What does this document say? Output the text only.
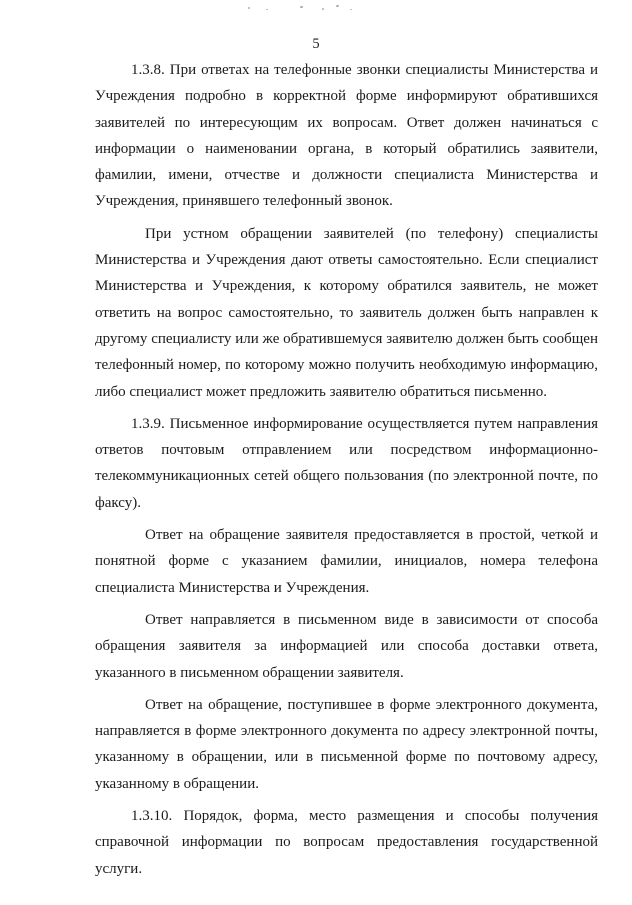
5

1.3.8. При ответах на телефонные звонки специалисты Министерства и Учреждения подробно в корректной форме информируют обратившихся заявителей по интересующим их вопросам. Ответ должен начинаться с информации о наименовании органа, в который обратились заявители, фамилии, имени, отчестве и должности специалиста Министерства и Учреждения, принявшего телефонный звонок.

При устном обращении заявителей (по телефону) специалисты Министерства и Учреждения дают ответы самостоятельно. Если специалист Министерства и Учреждения, к которому обратился заявитель, не может ответить на вопрос самостоятельно, то заявитель должен быть направлен к другому специалисту или же обратившемуся заявителю должен быть сообщен телефонный номер, по которому можно получить необходимую информацию, либо специалист может предложить заявителю обратиться письменно.

1.3.9. Письменное информирование осуществляется путем направления ответов почтовым отправлением или посредством информационно-телекоммуникационных сетей общего пользования (по электронной почте, по факсу).

Ответ на обращение заявителя предоставляется в простой, четкой и понятной форме с указанием фамилии, инициалов, номера телефона специалиста Министерства и Учреждения.

Ответ направляется в письменном виде в зависимости от способа обращения заявителя за информацией или способа доставки ответа, указанного в письменном обращении заявителя.

Ответ на обращение, поступившее в форме электронного документа, направляется в форме электронного документа по адресу электронной почты, указанному в обращении, или в письменной форме по почтовому адресу, указанному в обращении.

1.3.10. Порядок, форма, место размещения и способы получения справочной информации по вопросам предоставления государственной услуги.
